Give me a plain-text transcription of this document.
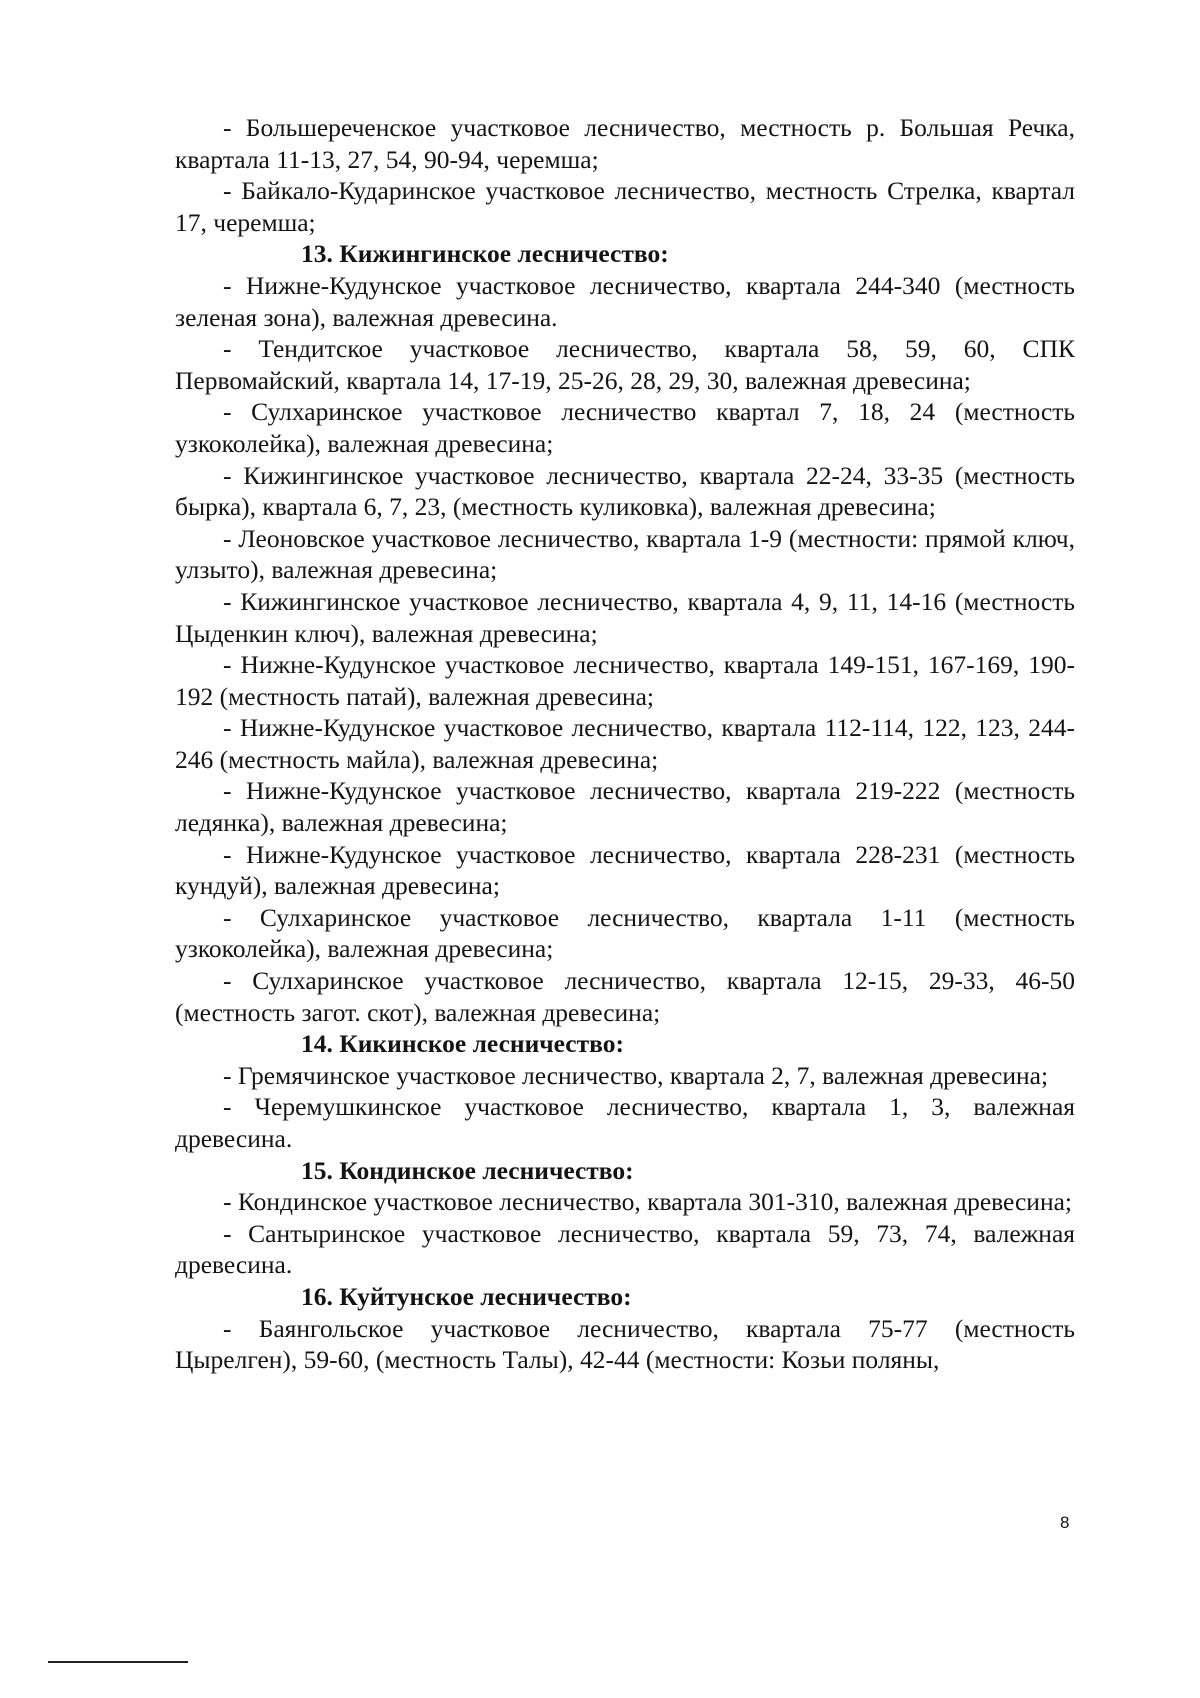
- Большереченское участковое лесничество, местность р. Большая Речка, квартала 11-13, 27, 54, 90-94, черемша;

- Байкало-Кударинское участковое лесничество, местность Стрелка, квартал 17, черемша;

13. Кижингинское лесничество:

- Нижне-Кудунское участковое лесничество, квартала 244-340 (местность зеленая зона), валежная древесина.

- Тендитское участковое лесничество, квартала 58, 59, 60, СПК Первомайский, квартала 14, 17-19, 25-26, 28, 29, 30, валежная древесина;

- Сулхаринское участковое лесничество квартал 7, 18, 24 (местность узкоколейка), валежная древесина;

- Кижингинское участковое лесничество, квартала 22-24, 33-35 (местность бырка), квартала 6, 7, 23, (местность куликовка), валежная древесина;

- Леоновское участковое лесничество, квартала 1-9 (местности: прямой ключ, улзыто), валежная древесина;

- Кижингинское участковое лесничество, квартала 4, 9, 11, 14-16 (местность Цыденкин ключ), валежная древесина;

- Нижне-Кудунское участковое лесничество, квартала 149-151, 167-169, 190-192 (местность патай), валежная древесина;

- Нижне-Кудунское участковое лесничество, квартала 112-114, 122, 123, 244-246 (местность майла), валежная древесина;

- Нижне-Кудунское участковое лесничество, квартала 219-222 (местность ледянка), валежная древесина;

- Нижне-Кудунское участковое лесничество, квартала 228-231 (местность кундуй), валежная древесина;

- Сулхаринское участковое лесничество, квартала 1-11 (местность узкоколейка), валежная древесина;

- Сулхаринское участковое лесничество, квартала 12-15, 29-33, 46-50 (местность загот. скот), валежная древесина;

14. Кикинское лесничество:

- Гремячинское участковое лесничество, квартала 2, 7, валежная древесина;

- Черемушкинское участковое лесничество, квартала 1, 3, валежная древесина.

15. Кондинское лесничество:

- Кондинское участковое лесничество, квартала 301-310, валежная древесина;

- Сантыринское участковое лесничество, квартала 59, 73, 74, валежная древесина.

16. Куйтунское лесничество:

- Баянгольское участковое лесничество, квартала 75-77 (местность Цырелген), 59-60, (местность Талы), 42-44 (местности: Козьи поляны,

8
